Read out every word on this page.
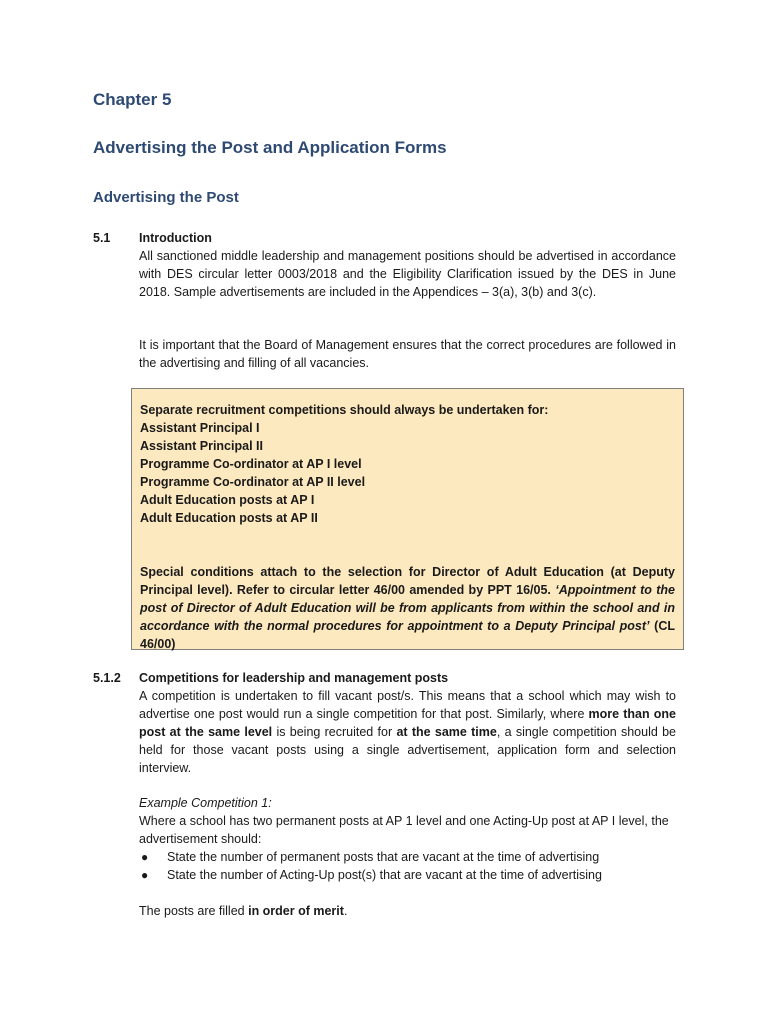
Chapter 5
Advertising the Post and Application Forms
Advertising the Post
5.1 Introduction

All sanctioned middle leadership and management positions should be advertised in accordance with DES circular letter 0003/2018 and the Eligibility Clarification issued by the DES in June 2018. Sample advertisements are included in the Appendices – 3(a), 3(b) and 3(c).

It is important that the Board of Management ensures that the correct procedures are followed in the advertising and filling of all vacancies.

Separate recruitment competitions should always be undertaken for:

Assistant Principal I
Assistant Principal II
Programme Co-ordinator at AP I level
Programme Co-ordinator at AP II level
Adult Education posts at AP I
Adult Education posts at AP II

Special conditions attach to the selection for Director of Adult Education (at Deputy Principal level). Refer to circular letter 46/00 amended by PPT 16/05. ‘Appointment to the post of Director of Adult Education will be from applicants from within the school and in accordance with the normal procedures for appointment to a Deputy Principal post’ (CL 46/00)

5.1.2 Competitions for leadership and management posts

A competition is undertaken to fill vacant post/s. This means that a school which may wish to advertise one post would run a single competition for that post. Similarly, where more than one post at the same level is being recruited for at the same time, a single competition should be held for those vacant posts using a single advertisement, application form and selection interview.

Example Competition 1:

Where a school has two permanent posts at AP 1 level and one Acting-Up post at AP I level, the advertisement should:

● State the number of permanent posts that are vacant at the time of advertising
● State the number of Acting-Up post(s) that are vacant at the time of advertising

The posts are filled in order of merit.
